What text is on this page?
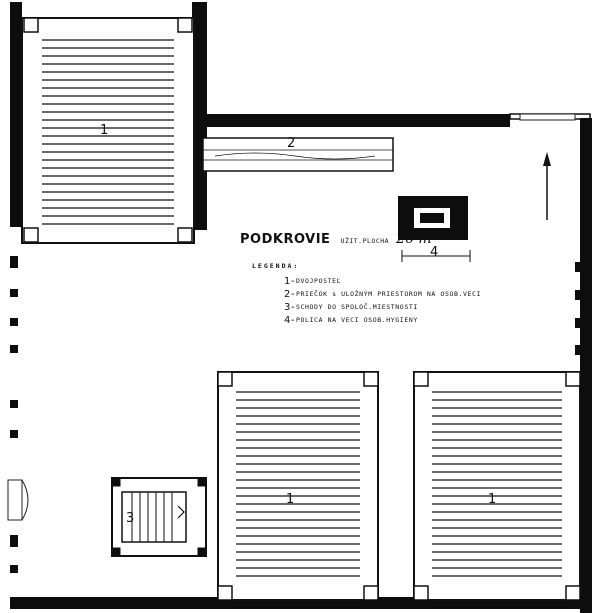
1
2
3
4
1	1
PODKROVIE UŽIT.PLOCHA 26 m²
LEGENDA:
1- DVOJPOSTEĽ
2- PRIEČOK s ULOŽNÝM PRIESTOROM NA OSOB.VECI
3- SCHODY DO SPOLOČ.MIESTNOSTI
4- POLICA NA VECI OSOB.HYGIENY
